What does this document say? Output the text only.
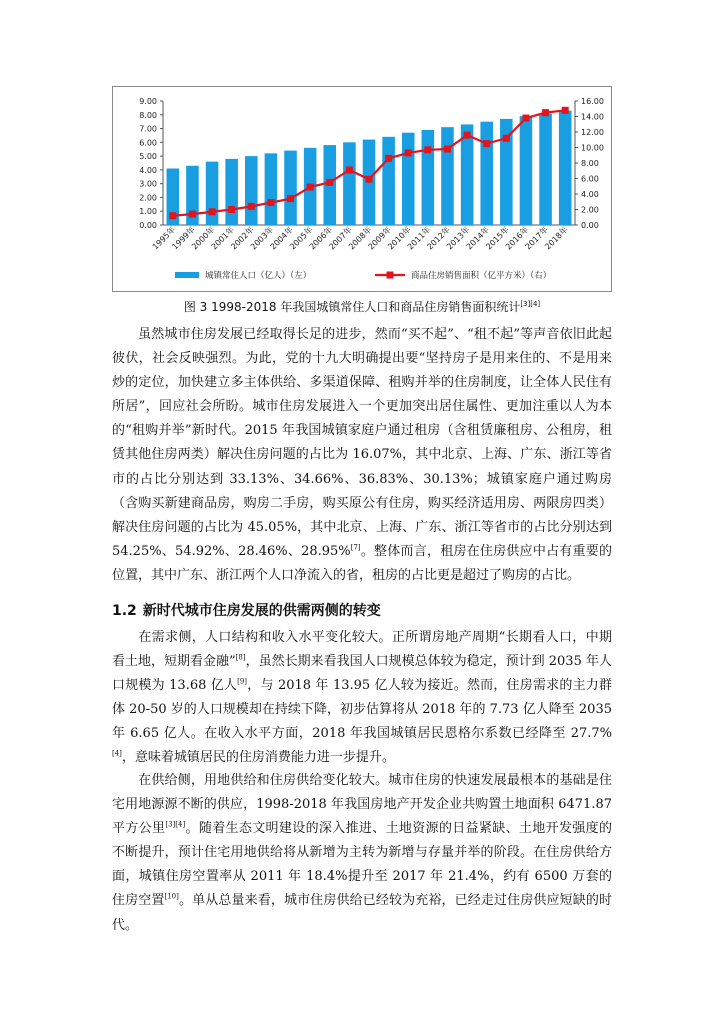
0.00
1.00
2.00
3.00
4.00
5.00
6.00
7.00
8.00
9.00
0.00
2.00
4.00
6.00
8.00
10.00
12.00
14.00
16.00
1995年
1999年
2000年
2001年
2002年
2003年
2004年
2005年
2006年
2007年
2008年
2009年
2010年
2011年
2012年
2013年
2014年
2015年
2016年
2017年
2018年
城镇常住人口（亿人）（左）	商品住房销售面积（亿平方米）（右）
图 3 1998-2018 年我国城镇常住人口和商品住房销售面积统计[3][4]
虽然城市住房发展已经取得长足的进步，然而“买不起”、“租不起”等声音依旧此起彼伏，社会反映强烈。为此，党的十九大明确提出要“坚持房子是用来住的、不是用来炒的定位，加快建立多主体供给、多渠道保障、租购并举的住房制度，让全体人民住有所居”，回应社会所盼。城市住房发展进入一个更加突出居住属性、更加注重以人为本的“租购并举”新时代。2015 年我国城镇家庭户通过租房（含租赁廉租房、公租房，租赁其他住房两类）解决住房问题的占比为 16.07%，其中北京、上海、广东、浙江等省市的占比分别达到 33.13%、34.66%、36.83%、30.13%；城镇家庭户通过购房（含购买新建商品房，购房二手房，购买原公有住房，购买经济适用房、两限房四类）解决住房问题的占比为 45.05%，其中北京、上海、广东、浙江等省市的占比分别达到 54.25%、54.92%、28.46%、28.95%[7]。整体而言，租房在住房供应中占有重要的位置，其中广东、浙江两个人口净流入的省，租房的占比更是超过了购房的占比。
1.2 新时代城市住房发展的供需两侧的转变
在需求侧，人口结构和收入水平变化较大。正所谓房地产周期“长期看人口，中期看土地，短期看金融”[8]，虽然长期来看我国人口规模总体较为稳定，预计到 2035 年人口规模为 13.68 亿人[9]，与 2018 年 13.95 亿人较为接近。然而，住房需求的主力群体 20-50 岁的人口规模却在持续下降，初步估算将从 2018 年的 7.73 亿人降至 2035 年 6.65 亿人。在收入水平方面，2018 年我国城镇居民恩格尔系数已经降至 27.7%[4]，意味着城镇居民的住房消费能力进一步提升。
在供给侧，用地供给和住房供给变化较大。城市住房的快速发展最根本的基础是住宅用地源源不断的供应，1998-2018 年我国房地产开发企业共购置土地面积 6471.87 平方公里[3][4]。随着生态文明建设的深入推进、土地资源的日益紧缺、土地开发强度的不断提升，预计住宅用地供给将从新增为主转为新增与存量并举的阶段。在住房供给方面，城镇住房空置率从 2011 年 18.4%提升至 2017 年 21.4%，约有 6500 万套的住房空置[10]。单从总量来看，城市住房供给已经较为充裕，已经走过住房供应短缺的时代。
